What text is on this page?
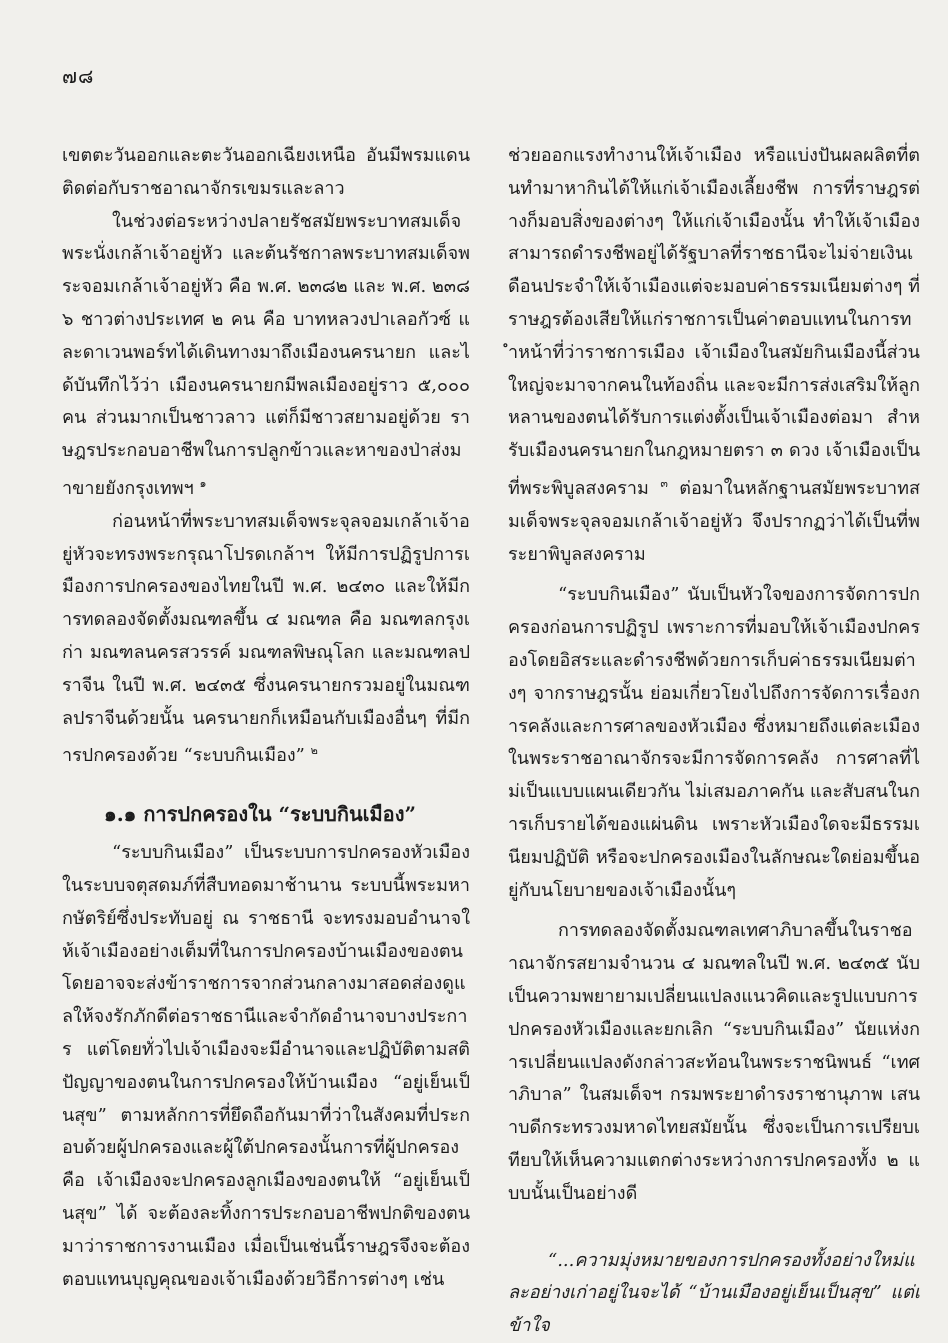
๗๘

เขตตะวันออกและตะวันออกเฉียงเหนือ อันมีพรมแดนติดต่อกับราชอาณาจักรเขมรและลาว

ในช่วงต่อระหว่างปลายรัชสมัยพระบาทสมเด็จพระนั่งเกล้าเจ้าอยู่หัว และต้นรัชกาลพระบาทสมเด็จพระจอมเกล้าเจ้าอยู่หัว คือ พ.ศ. ๒๓๘๒ และ พ.ศ. ๒๓๘๖ ชาวต่างประเทศ ๒ คน คือ บาทหลวงปาเลอกัวซ์ และดาเวนพอร์ทได้เดินทางมาถึงเมืองนครนายก และได้บันทึกไว้ว่า เมืองนครนายกมีพลเมืองอยู่ราว ๕,๐๐๐ คน ส่วนมากเป็นชาวลาว แต่ก็มีชาวสยามอยู่ด้วย ราษฎรประกอบอาชีพในการปลูกข้าวและหาของป่าส่งมาขายยังกรุงเทพฯ $^๑$

ก่อนหน้าที่พระบาทสมเด็จพระจุลจอมเกล้าเจ้าอยู่หัวจะทรงพระกรุณาโปรดเกล้าฯ ให้มีการปฏิรูปการเมืองการปกครองของไทยในปี พ.ศ. ๒๔๓๐ และให้มีการทดลองจัดตั้งมณฑลขึ้น ๔ มณฑล คือ มณฑลกรุงเก่า มณฑลนครสวรรค์ มณฑลพิษณุโลก และมณฑลปราจีน ในปี พ.ศ. ๒๔๓๕ ซึ่งนครนายกรวมอยู่ในมณฑลปราจีนด้วยนั้น นครนายกก็เหมือนกับเมืองอื่นๆ ที่มีการปกครองด้วย “ระบบกินเมือง” $^๒$

๑.๑ การปกครองใน “ระบบกินเมือง”

“ระบบกินเมือง” เป็นระบบการปกครองหัวเมืองในระบบจตุสดมภ์ที่สืบทอดมาช้านาน ระบบนี้พระมหากษัตริย์ซึ่งประทับอยู่ ณ ราชธานี จะทรงมอบอำนาจให้เจ้าเมืองอย่างเต็มที่ในการปกครองบ้านเมืองของตน โดยอาจจะส่งข้าราชการจากส่วนกลางมาสอดส่องดูแลให้จงรักภักดีต่อราชธานีและจำกัดอำนาจบางประการ แต่โดยทั่วไปเจ้าเมืองจะมีอำนาจและปฏิบัติตามสติปัญญาของตนในการปกครองให้บ้านเมือง “อยู่เย็นเป็นสุข” ตามหลักการที่ยึดถือกันมาที่ว่าในสังคมที่ประกอบด้วยผู้ปกครองและผู้ใต้ปกครองนั้นการที่ผู้ปกครองคือ เจ้าเมืองจะปกครองลูกเมืองของตนให้ “อยู่เย็นเป็นสุข” ได้ จะต้องละทิ้งการประกอบอาชีพปกติของตนมาว่าราชการงานเมือง เมื่อเป็นเช่นนี้ราษฎรจึงจะต้องตอบแทนบุญคุณของเจ้าเมืองด้วยวิธีการต่างๆ เช่น

ช่วยออกแรงทำงานให้เจ้าเมือง หรือแบ่งปันผลผลิตที่ตนทำมาหากินได้ให้แก่เจ้าเมืองเลี้ยงชีพ การที่ราษฎรต่างก็มอบสิ่งของต่างๆ ให้แก่เจ้าเมืองนั้น ทำให้เจ้าเมืองสามารถดำรงชีพอยู่ได้รัฐบาลที่ราชธานีจะไม่จ่ายเงินเดือนประจำให้เจ้าเมืองแต่จะมอบค่าธรรมเนียมต่างๆ ที่ราษฎรต้องเสียให้แก่ราชการเป็นค่าตอบแทนในการทำหน้าที่ว่าราชการเมือง เจ้าเมืองในสมัยกินเมืองนี้ส่วนใหญ่จะมาจากคนในท้องถิ่น และจะมีการส่งเสริมให้ลูกหลานของตนได้รับการแต่งตั้งเป็นเจ้าเมืองต่อมา สำหรับเมืองนครนายกในกฎหมายตรา ๓ ดวง เจ้าเมืองเป็นที่พระพิบูลสงคราม $^๓$ ต่อมาในหลักฐานสมัยพระบาทสมเด็จพระจุลจอมเกล้าเจ้าอยู่หัว จึงปรากฏว่าได้เป็นที่พระยาพิบูลสงคราม

“ระบบกินเมือง” นับเป็นหัวใจของการจัดการปกครองก่อนการปฏิรูป เพราะการที่มอบให้เจ้าเมืองปกครองโดยอิสระและดำรงชีพด้วยการเก็บค่าธรรมเนียมต่างๆ จากราษฎรนั้น ย่อมเกี่ยวโยงไปถึงการจัดการเรื่องการคลังและการศาลของหัวเมือง ซึ่งหมายถึงแต่ละเมืองในพระราชอาณาจักรจะมีการจัดการคลัง การศาลที่ไม่เป็นแบบแผนเดียวกัน ไม่เสมอภาคกัน และสับสนในการเก็บรายได้ของแผ่นดิน เพราะหัวเมืองใดจะมีธรรมเนียมปฏิบัติ หรือจะปกครองเมืองในลักษณะใดย่อมขึ้นอยู่กับนโยบายของเจ้าเมืองนั้นๆ

การทดลองจัดตั้งมณฑลเทศาภิบาลขึ้นในราชอาณาจักรสยามจำนวน ๔ มณฑลในปี พ.ศ. ๒๔๓๕ นับเป็นความพยายามเปลี่ยนแปลงแนวคิดและรูปแบบการปกครองหัวเมืองและยกเลิก “ระบบกินเมือง” นัยแห่งการเปลี่ยนแปลงดังกล่าวสะท้อนในพระราชนิพนธ์ “เทศาภิบาล” ในสมเด็จฯ กรมพระยาดำรงราชานุภาพ เสนาบดีกระทรวงมหาดไทยสมัยนั้น ซึ่งจะเป็นการเปรียบเทียบให้เห็นความแตกต่างระหว่างการปกครองทั้ง ๒ แบบนั้นเป็นอย่างดี

“...ความมุ่งหมายของการปกครองทั้งอย่างใหม่และอย่างเก่าอยู่ในจะได้ “บ้านเมืองอยู่เย็นเป็นสุข” แต่เข้าใจ
